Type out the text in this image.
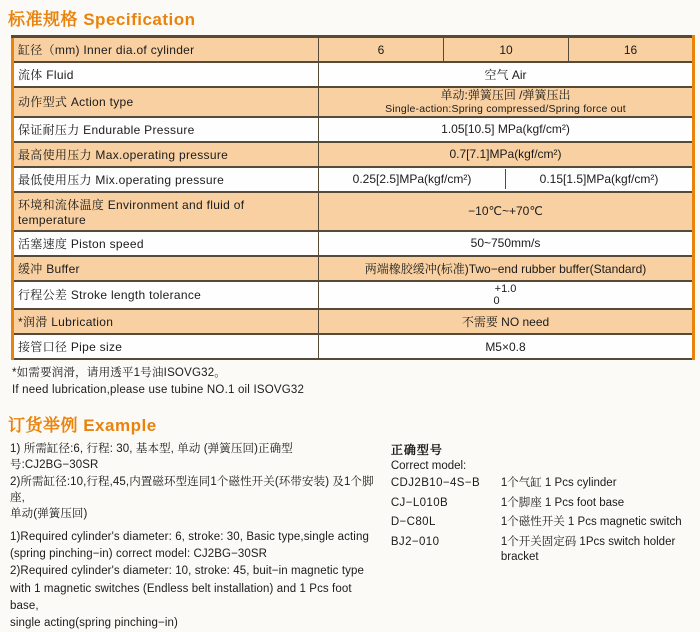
标准规格 Specification
缸径（mm) Inner dia.of cylinder	6	10	16
流体 Fluid	空气 Air		
动作型式 Action type	单动:弹簧压回 /弹簧压出
Single-action:Spring compressed/Spring force out		

保证耐压力 Endurable Pressure	1.05[10.5] MPa(kgf/cm²)		
最高使用压力 Max.operating pressure	0.7[7.1]MPa(kgf/cm²)		
最低使用压力 Mix.operating pressure	0.25[2.5]MPa(kgf/cm²) 0.15[1.5]MPa(kgf/cm²)		

环境和流体温度 Environment and fluid of temperature	−10℃~+70℃		
活塞速度 Piston speed	50~750mm/s		
缓冲 Buffer	两端橡胶缓冲(标准)Two−end rubber buffer(Standard)		
行程公差 Stroke length tolerance	+1.0
0		

*润滑 Lubrication	不需要 NO need		
接管口径 Pipe size	M5×0.8		
*如需要润滑，请用透平1号油ISOVG32。
If need lubrication,please use tubine NO.1 oil ISOVG32
订货举例 Example
1) 所需缸径:6, 行程: 30, 基本型, 单动 (弹簧压回)正确型号:CJ2BG−30SR
2)所需缸径:10,行程,45,内置磁环型连同1个磁性开关(环带安装) 及1个脚座,
单动(弹簧压回)
1)Required cylinder's diameter: 6, stroke: 30, Basic type,single acting
(spring pinching−in) correct model: CJ2BG−30SR
2)Required cylinder's diameter: 10, stroke: 45, buit−in magnetic type
with 1 magnetic switches (Endless belt installation) and 1 Pcs foot base,
single acting(spring pinching−in)
正确型号
Correct model:
CDJ2B10−4S−B	1个气缸 1 Pcs cylinder
CJ−L010B	1个脚座 1 Pcs foot base
D−C80L	1个磁性开关 1 Pcs magnetic switch
BJ2−010	1个开关固定码 1Pcs switch holder bracket
